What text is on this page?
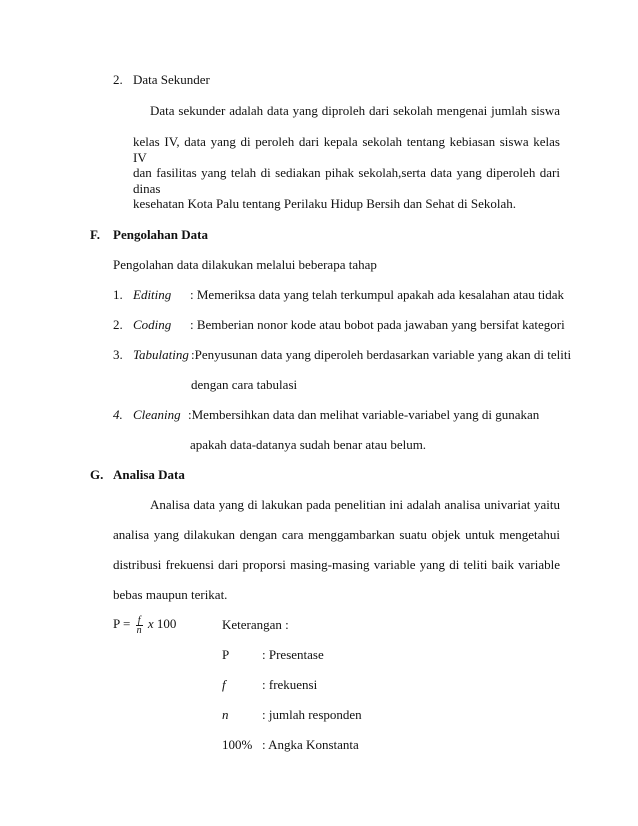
2. Data Sekunder
Data sekunder adalah data yang diproleh dari sekolah mengenai jumlah siswa
kelas IV, data yang di peroleh dari kepala sekolah tentang kebiasan siswa kelas IV
dan fasilitas yang telah di sediakan pihak sekolah,serta data yang diperoleh dari dinas
kesehatan Kota Palu tentang Perilaku Hidup Bersih dan Sehat di Sekolah.
F. Pengolahan Data
Pengolahan data dilakukan melalui beberapa tahap
1. Editing : Memeriksa data yang telah terkumpul apakah ada kesalahan atau tidak
2. Coding : Bemberian nonor kode atau bobot pada jawaban yang bersifat kategori
3. Tabulating :Penyusunan data yang diperoleh berdasarkan variable yang akan di teliti
dengan cara tabulasi
4. Cleaning :Membersihkan data dan melihat variable-variabel yang di gunakan
apakah data-datanya sudah benar atau belum.
G. Analisa Data
Analisa data yang di lakukan pada penelitian ini adalah analisa univariat yaitu
analisa yang dilakukan dengan cara menggambarkan suatu objek untuk mengetahui
distribusi frekuensi dari proporsi masing-masing variable yang di teliti baik variable
bebas maupun terikat.
$P = \frac{f}{n}$ x 100	Keterangan :
P	: Presentase
f	: frekuensi
n	: jumlah responden
100% : Angka Konstanta
